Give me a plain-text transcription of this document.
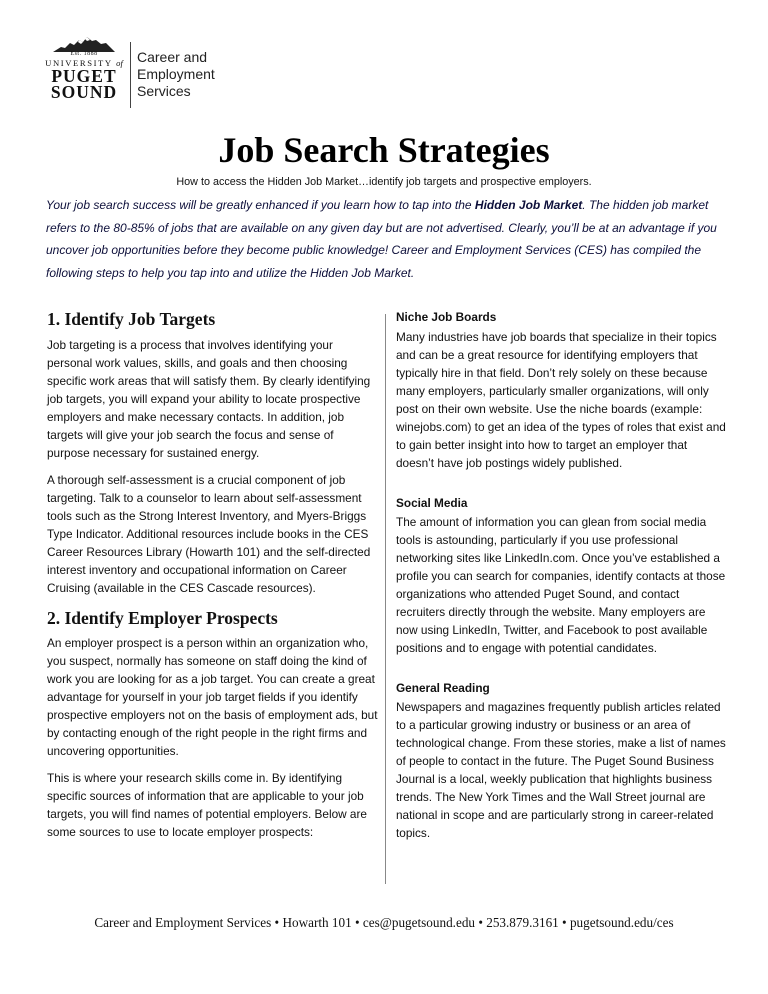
Est. 1888
UNIVERSITY of
PUGET
SOUND
Career and
Employment
Services
Job Search Strategies
How to access the Hidden Job Market…identify job targets and prospective employers.
Your job search success will be greatly enhanced if you learn how to tap into the Hidden Job Market. The hidden job market refers to the 80-85% of jobs that are available on any given day but are not advertised. Clearly, you’ll be at an advantage if you uncover job opportunities before they become public knowledge! Career and Employment Services (CES) has compiled the following steps to help you tap into and utilize the Hidden Job Market.
1. Identify Job Targets

Job targeting is a process that involves identifying your personal work values, skills, and goals and then choosing specific work areas that will satisfy them. By clearly identifying job targets, you will expand your ability to locate prospective employers and make necessary contacts. In addition, job targets will give your job search the focus and sense of purpose necessary for sustained energy.

A thorough self-assessment is a crucial component of job targeting. Talk to a counselor to learn about self-assessment tools such as the Strong Interest Inventory, and Myers-Briggs Type Indicator. Additional resources include books in the CES Career Resources Library (Howarth 101) and the self-directed interest inventory and occupational information on Career Cruising (available in the CES Cascade resources).

2. Identify Employer Prospects

An employer prospect is a person within an organization who, you suspect, normally has someone on staff doing the kind of work you are looking for as a job target. You can create a great advantage for yourself in your job target fields if you identify prospective employers not on the basis of employment ads, but by contacting enough of the right people in the right firms and uncovering opportunities.

This is where your research skills come in. By identifying specific sources of information that are applicable to your job targets, you will find names of potential employers. Below are some sources to use to locate employer prospects:

Niche Job Boards

Many industries have job boards that specialize in their topics and can be a great resource for identifying employers that typically hire in that field. Don’t rely solely on these because many employers, particularly smaller organizations, will only post on their own website. Use the niche boards (example: winejobs.com) to get an idea of the types of roles that exist and to gain better insight into how to target an employer that doesn’t have job postings widely published.

Social Media

The amount of information you can glean from social media tools is astounding, particularly if you use professional networking sites like LinkedIn.com. Once you’ve established a profile you can search for companies, identify contacts at those organizations who attended Puget Sound, and contact recruiters directly through the website. Many employers are now using LinkedIn, Twitter, and Facebook to post available positions and to engage with potential candidates.

General Reading

Newspapers and magazines frequently publish articles related to a particular growing industry or business or an area of technological change. From these stories, make a list of names of people to contact in the future. The Puget Sound Business Journal is a local, weekly publication that highlights business trends. The New York Times and the Wall Street journal are national in scope and are particularly strong in career-related topics.

Career and Employment Services • Howarth 101 • ces@pugetsound.edu • 253.879.3161 • pugetsound.edu/ces
